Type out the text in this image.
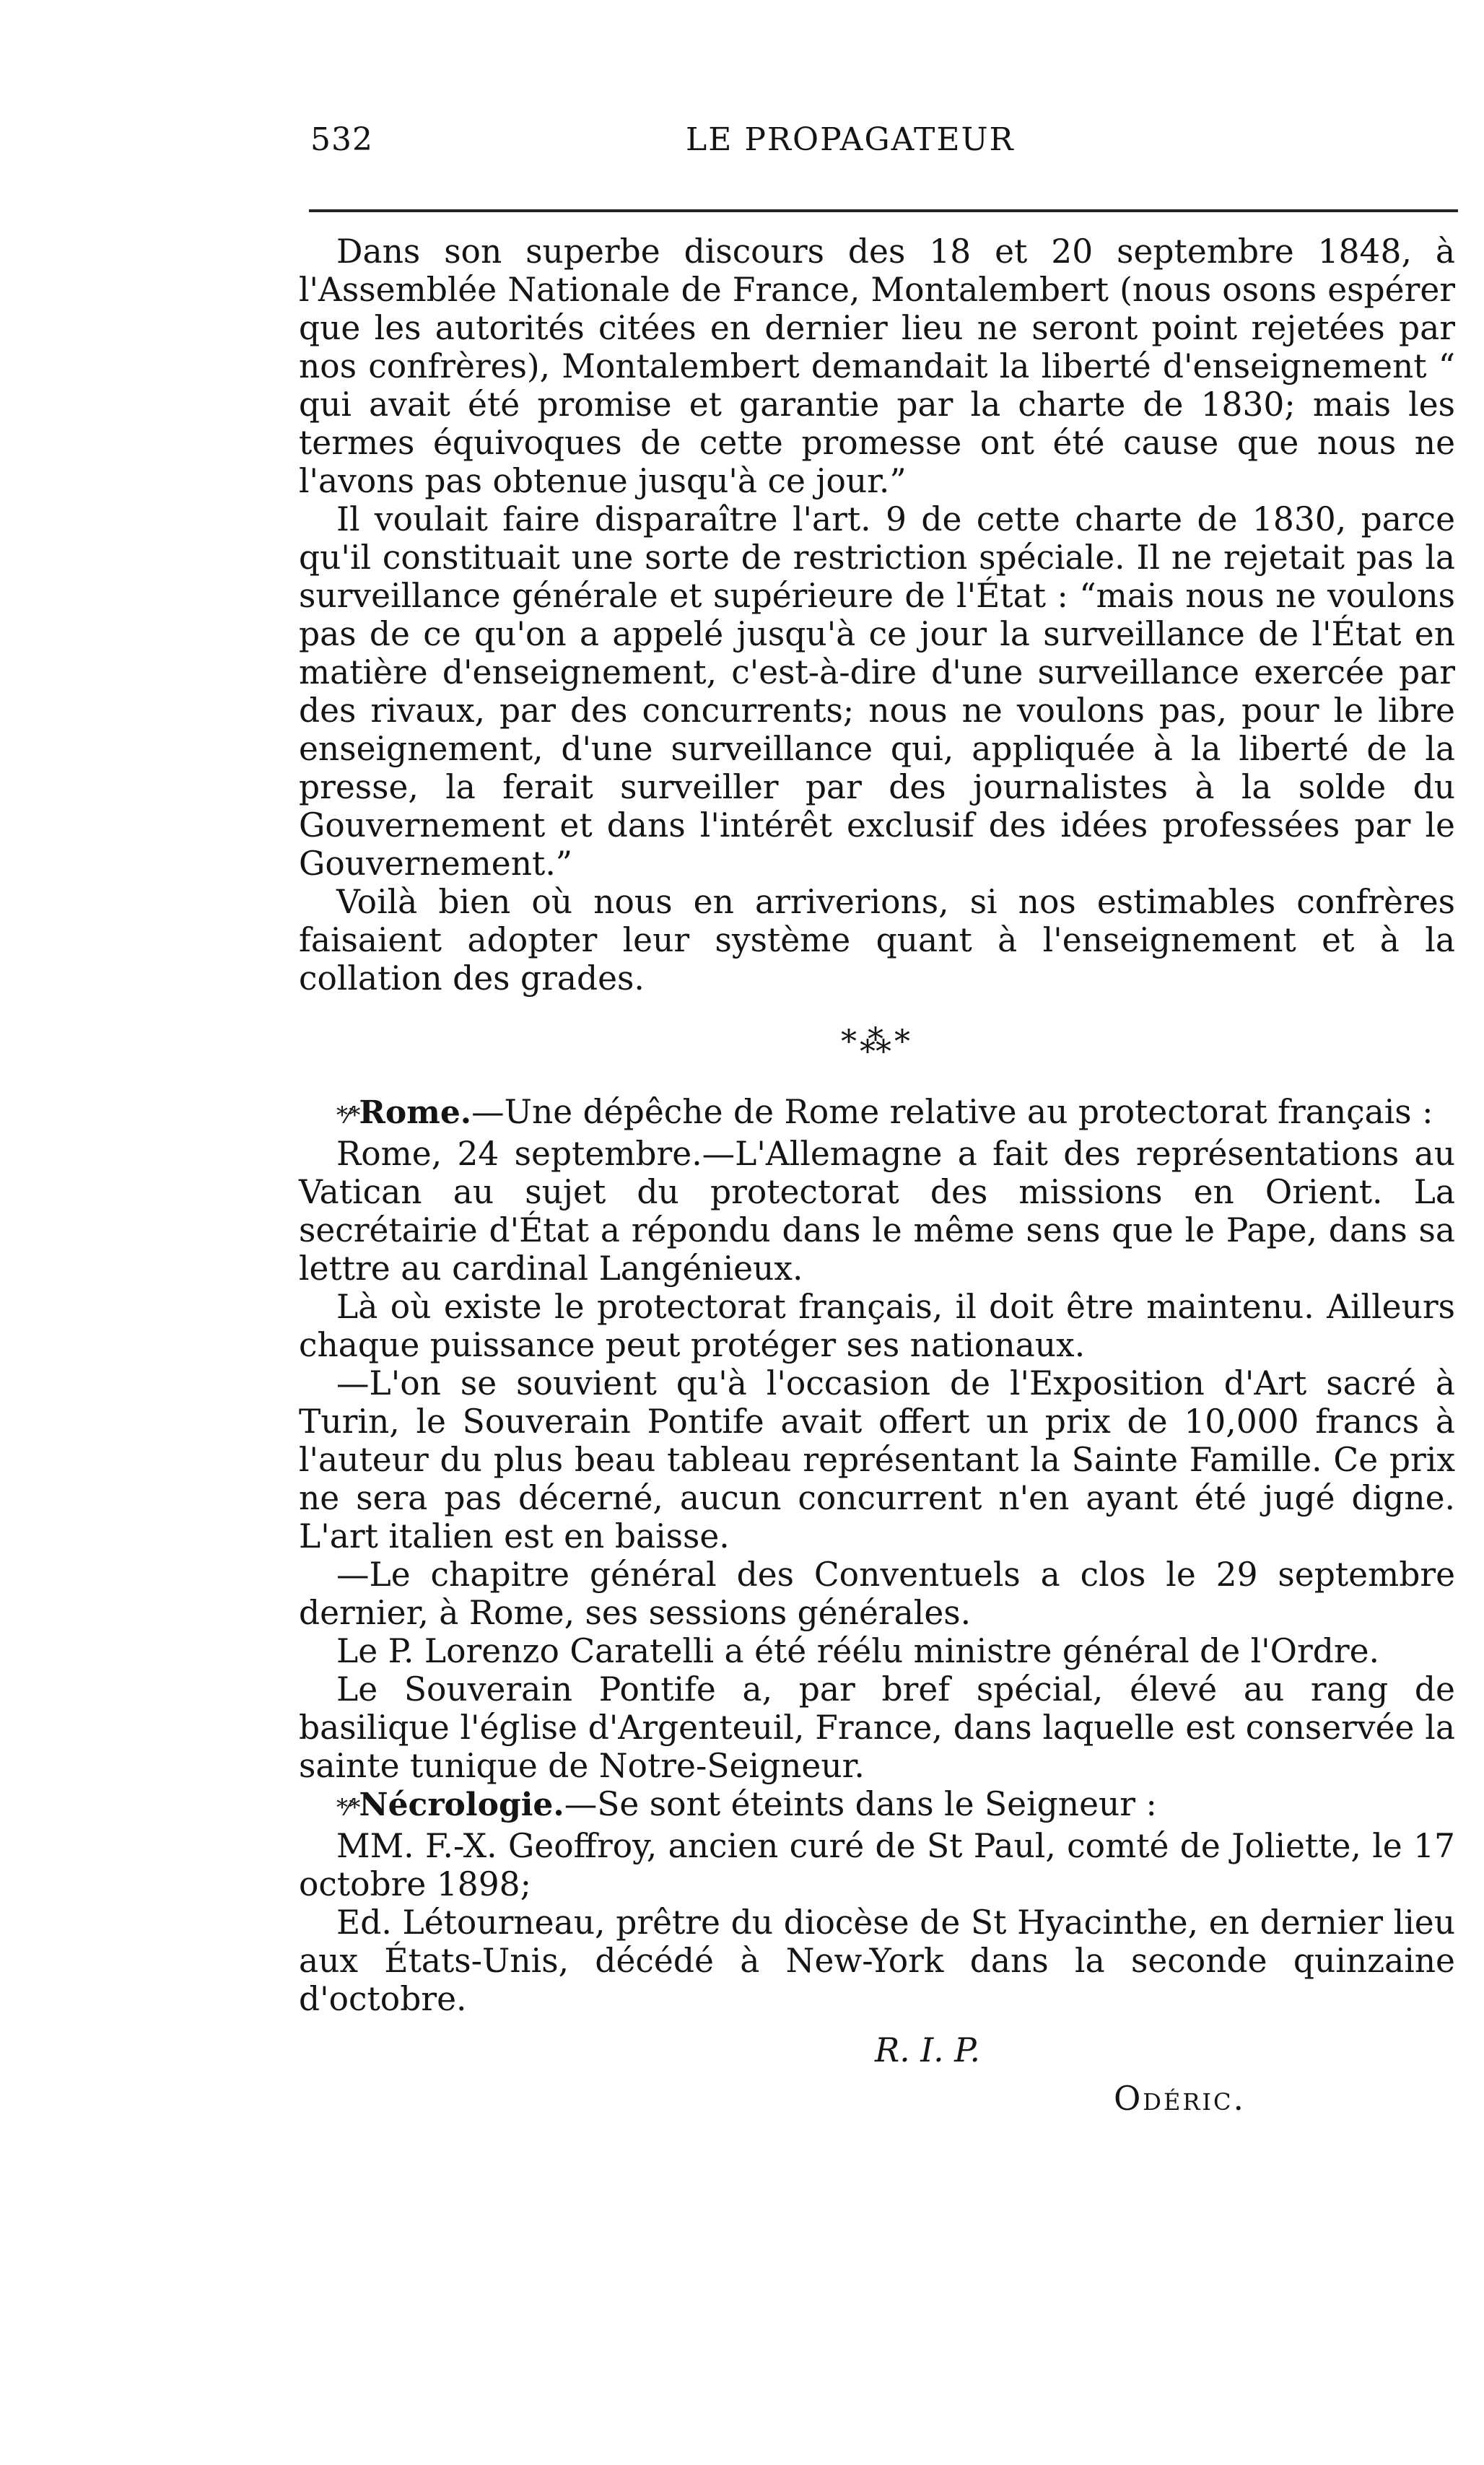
532	LE PROPAGATEUR

Dans son superbe discours des 18 et 20 septembre 1848, à l'Assemblée Nationale de France, Montalembert (nous osons espérer que les autorités citées en dernier lieu ne seront point rejetées par nos confrères), Montalembert demandait la liberté d'enseignement “ qui avait été promise et garantie par la charte de 1830; mais les termes équivoques de cette promesse ont été cause que nous ne l'avons pas obtenue jusqu'à ce jour.”

Il voulait faire disparaître l'art. 9 de cette charte de 1830, parce qu'il constituait une sorte de restriction spéciale. Il ne rejetait pas la surveillance générale et supérieure de l'État : “mais nous ne voulons pas de ce qu'on a appelé jusqu'à ce jour la surveillance de l'État en matière d'enseignement, c'est-à-dire d'une surveillance exercée par des rivaux, par des concurrents; nous ne voulons pas, pour le libre enseignement, d'une surveillance qui, appliquée à la liberté de la presse, la ferait surveiller par des journalistes à la solde du Gouvernement et dans l'intérêt exclusif des idées professées par le Gouvernement.”

Voilà bien où nous en arriverions, si nos estimables confrères faisaient adopter leur système quant à l'enseignement et à la collation des grades.

*⁂*

*⁄*Rome.—Une dépêche de Rome relative au protectorat français :

Rome, 24 septembre.—L'Allemagne a fait des représentations au Vatican au sujet du protectorat des missions en Orient. La secrétairie d'État a répondu dans le même sens que le Pape, dans sa lettre au cardinal Langénieux.

Là où existe le protectorat français, il doit être maintenu. Ailleurs chaque puissance peut protéger ses nationaux.

—L'on se souvient qu'à l'occasion de l'Exposition d'Art sacré à Turin, le Souverain Pontife avait offert un prix de 10,000 francs à l'auteur du plus beau tableau représentant la Sainte Famille. Ce prix ne sera pas décerné, aucun concurrent n'en ayant été jugé digne. L'art italien est en baisse.

—Le chapitre général des Conventuels a clos le 29 septembre dernier, à Rome, ses sessions générales.

Le P. Lorenzo Caratelli a été réélu ministre général de l'Ordre.

Le Souverain Pontife a, par bref spécial, élevé au rang de basilique l'église d'Argenteuil, France, dans laquelle est conservée la sainte tunique de Notre-Seigneur.

*⁄*Nécrologie.—Se sont éteints dans le Seigneur :

MM. F.-X. Geoffroy, ancien curé de St Paul, comté de Joliette, le 17 octobre 1898;

Ed. Létourneau, prêtre du diocèse de St Hyacinthe, en dernier lieu aux États-Unis, décédé à New-York dans la seconde quinzaine d'octobre.

R. I. P.
Odéric.
